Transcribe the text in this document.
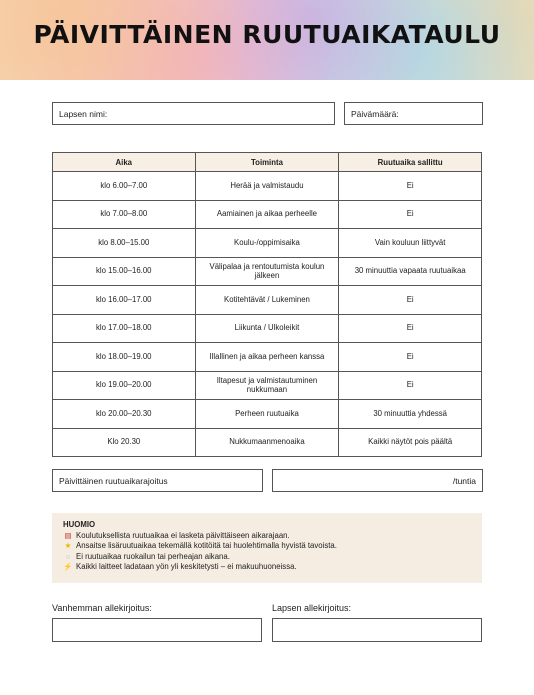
PÄIVITTÄINEN RUUTUAIKATAULU
Lapsen nimi:	Päivämäärä:
Aika	Toiminta	Ruutuaika sallittu
klo 6.00–7.00	Herää ja valmistaudu	Ei
klo 7.00–8.00	Aamiainen ja aikaa perheelle	Ei
klo 8.00–15.00	Koulu-/oppimisaika	Vain kouluun liittyvät
klo 15.00–16.00	Välipalaa ja rentoutumista koulun jälkeen	30 minuuttia vapaata ruutuaikaa
klo 16.00–17.00	Kotitehtävät / Lukeminen	Ei
klo 17.00–18.00	Liikunta / Ulkoleikit	Ei
klo 18.00–19.00	Illallinen ja aikaa perheen kanssa	Ei
klo 19.00–20.00	Iltapesut ja valmistautuminen nukkumaan	Ei
klo 20.00–20.30	Perheen ruutuaika	30 minuuttia yhdessä
Klo 20.30	Nukkumaanmenoaika	Kaikki näytöt pois päältä
Päivittäinen ruutuaikarajoitus	/tuntia
HUOMIO
▤ Koulutuksellista ruutuaikaa ei lasketa päivittäiseen aikarajaan.
★ Ansaitse lisäruutuaikaa tekemällä kotitöitä tai huolehtimalla hyvistä tavoista.
○ Ei ruutuaikaa ruokailun tai perheajan aikana.
⚡ Kaikki laitteet ladataan yön yli keskitetysti – ei makuuhuoneissa.
Vanhemman allekirjoitus:	Lapsen allekirjoitus:
